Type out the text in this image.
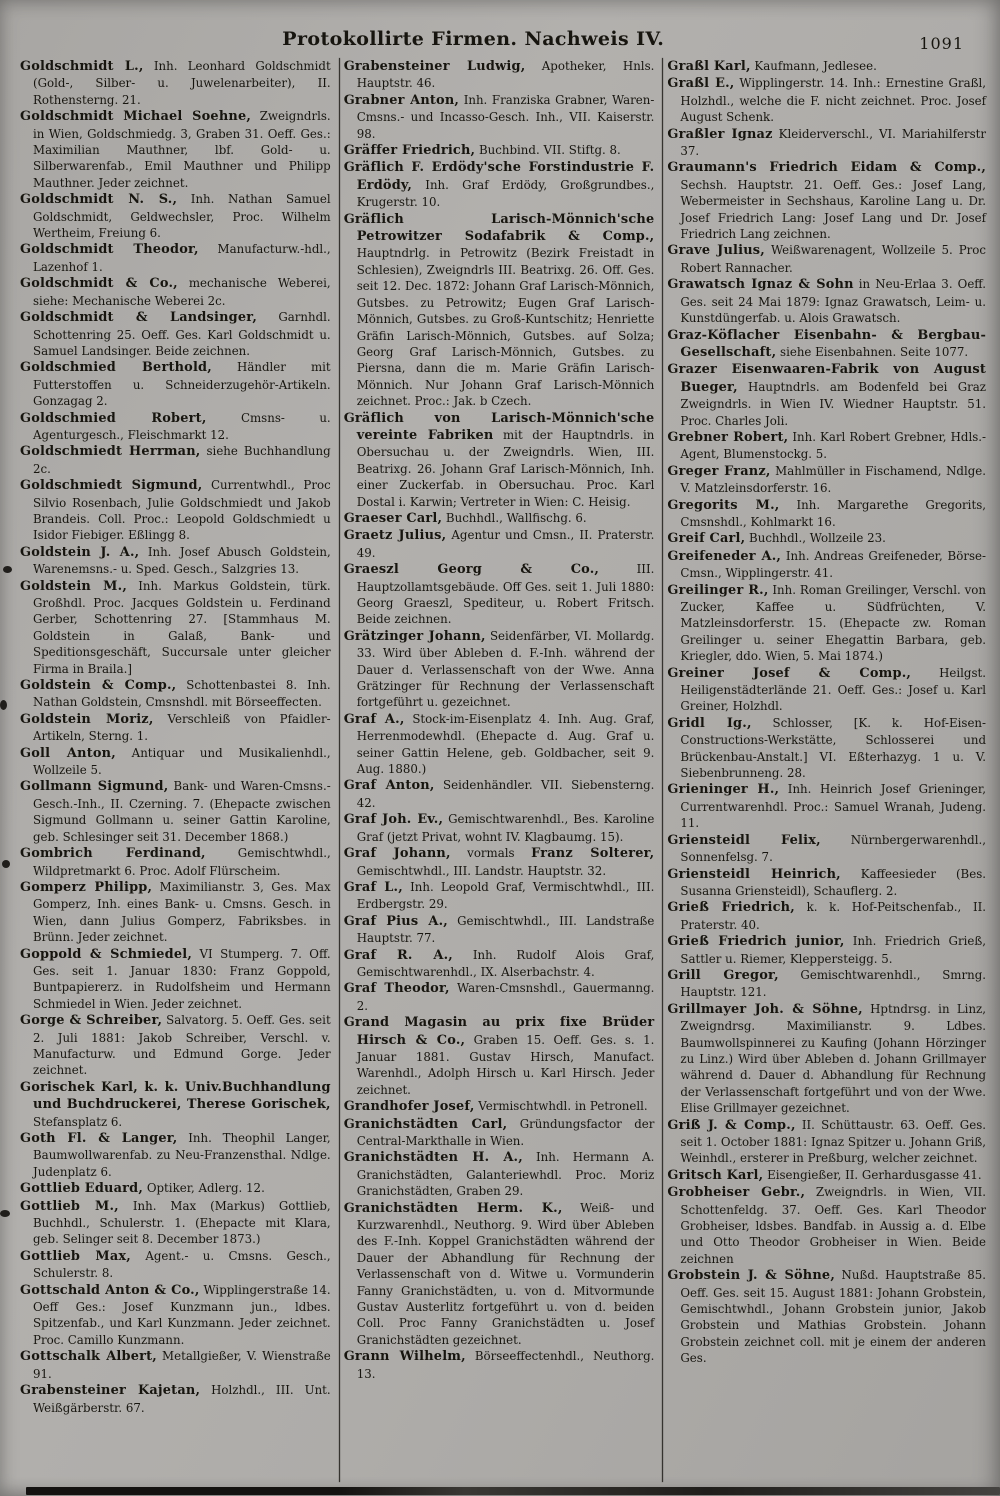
Protokollirte Firmen. Nachweis IV.	1091

Goldschmidt L., Inh. Leonhard Goldschmidt (Gold-, Silber- u. Juwelenarbeiter), II. Rothensterng. 21.

Goldschmidt Michael Soehne, Zweigndrls. in Wien, Goldschmiedg. 3, Graben 31. Oeff. Ges.: Maximilian Mauthner, lbf. Gold- u. Silberwarenfab., Emil Mauthner und Philipp Mauthner. Jeder zeichnet.

Goldschmidt N. S., Inh. Nathan Samuel Goldschmidt, Geldwechsler, Proc. Wilhelm Wertheim, Freiung 6.

Goldschmidt Theodor, Manufacturw.-hdl., Lazenhof 1.

Goldschmidt & Co., mechanische Weberei, siehe: Mechanische Weberei 2c.

Goldschmidt & Landsinger, Garnhdl. Schottenring 25. Oeff. Ges. Karl Goldschmidt u. Samuel Landsinger. Beide zeichnen.

Goldschmied Berthold, Händler mit Futterstoffen u. Schneiderzugehör-Artikeln. Gonzagag 2.

Goldschmied Robert, Cmsns- u. Agenturgesch., Fleischmarkt 12.

Goldschmiedt Herrman, siehe Buchhandlung 2c.

Goldschmiedt Sigmund, Currentwhdl., Proc Silvio Rosenbach, Julie Goldschmiedt und Jakob Brandeis. Coll. Proc.: Leopold Goldschmiedt u Isidor Fiebiger. Eßlingg 8.

Goldstein J. A., Inh. Josef Abusch Goldstein, Warenemsns.- u. Sped. Gesch., Salzgries 13.

Goldstein M., Inh. Markus Goldstein, türk. Großhdl. Proc. Jacques Goldstein u. Ferdinand Gerber, Schottenring 27. [Stammhaus M. Goldstein in Galaß, Bank- und Speditionsgeschäft, Succursale unter gleicher Firma in Braila.]

Goldstein & Comp., Schottenbastei 8. Inh. Nathan Goldstein, Cmsnshdl. mit Börseeffecten.

Goldstein Moriz, Verschleiß von Pfaidler-Artikeln, Sterng. 1.

Goll Anton, Antiquar und Musikalienhdl., Wollzeile 5.

Gollmann Sigmund, Bank- und Waren-Cmsns.-Gesch.-Inh., II. Czerning. 7. (Ehepacte zwischen Sigmund Gollmann u. seiner Gattin Karoline, geb. Schlesinger seit 31. December 1868.)

Gombrich Ferdinand, Gemischtwhdl., Wildpretmarkt 6. Proc. Adolf Flürscheim.

Gomperz Philipp, Maximilianstr. 3, Ges. Max Gomperz, Inh. eines Bank- u. Cmsns. Gesch. in Wien, dann Julius Gomperz, Fabriksbes. in Brünn. Jeder zeichnet.

• Goppold & Schmiedel, VI Stumperg. 7. Off. Ges. seit 1. Januar 1830: Franz Goppold, Buntpapiererz. in Rudolfsheim und Hermann Schmiedel in Wien. Jeder zeichnet.

Gorge & Schreiber, Salvatorg. 5. Oeff. Ges. seit 2. Juli 1881: Jakob Schreiber, Verschl. v. Manufacturw. und Edmund Gorge. Jeder zeichnet.

Gorischek Karl, k. k. Univ.Buchhandlung und Buchdruckerei, Therese Gorischek, Stefansplatz 6.

Goth Fl. & Langer, Inh. Theophil Langer, Baumwollwarenfab. zu Neu-Franzensthal. Ndlge. Judenplatz 6.

Gottlieb Eduard, Optiker, Adlerg. 12.

Gottlieb M., Inh. Max (Markus) Gottlieb, Buchhdl., Schulerstr. 1. (Ehepacte mit Klara, geb. Selinger seit 8. December 1873.)

Gottlieb Max, Agent.- u. Cmsns. Gesch., Schulerstr. 8.

Gottschald Anton & Co., Wipplingerstraße 14. Oeff Ges.: Josef Kunzmann jun., ldbes. Spitzenfab., und Karl Kunzmann. Jeder zeichnet. Proc. Camillo Kunzmann.

Gottschalk Albert, Metallgießer, V. Wienstraße 91.

Grabensteiner Kajetan, Holzhdl., III. Unt. Weißgärberstr. 67.

Grabensteiner Ludwig, Apotheker, Hnls. Hauptstr. 46.

Grabner Anton, Inh. Franziska Grabner, Waren-Cmsns.- und Incasso-Gesch. Inh., VII. Kaiserstr. 98.

Gräffer Friedrich, Buchbind. VII. Stiftg. 8.

Gräflich F. Erdödy'sche Forstindustrie F. Erdödy, Inh. Graf Erdödy, Großgrundbes., Krugerstr. 10.

Gräflich Larisch-Mönnich'sche Petrowitzer Sodafabrik & Comp., Hauptndrlg. in Petrowitz (Bezirk Freistadt in Schlesien), Zweigndrls III. Beatrixg. 26. Off. Ges. seit 12. Dec. 1872: Johann Graf Larisch-Mönnich, Gutsbes. zu Petrowitz; Eugen Graf Larisch-Mönnich, Gutsbes. zu Groß-Kuntschitz; Henriette Gräfin Larisch-Mönnich, Gutsbes. auf Solza; Georg Graf Larisch-Mönnich, Gutsbes. zu Piersna, dann die m. Marie Gräfin Larisch-Mönnich. Nur Johann Graf Larisch-Mönnich zeichnet. Proc.: Jak. b Czech.

Gräflich von Larisch-Mönnich'sche vereinte Fabriken mit der Hauptndrls. in Obersuchau u. der Zweigndrls. Wien, III. Beatrixg. 26. Johann Graf Larisch-Mönnich, Inh. einer Zuckerfab. in Obersuchau. Proc. Karl Dostal i. Karwin; Vertreter in Wien: C. Heisig.

Graeser Carl, Buchhdl., Wallfischg. 6.

Graetz Julius, Agentur und Cmsn., II. Praterstr. 49.

Graeszl Georg & Co., III. Hauptzollamtsgebäude. Off Ges. seit 1. Juli 1880: Georg Graeszl, Spediteur, u. Robert Fritsch. Beide zeichnen.

Grätzinger Johann, Seidenfärber, VI. Mollardg. 33. Wird über Ableben d. F.-Inh. während der Dauer d. Verlassenschaft von der Wwe. Anna Grätzinger für Rechnung der Verlassenschaft fortgeführt u. gezeichnet.

Graf A., Stock-im-Eisenplatz 4. Inh. Aug. Graf, Herrenmodewhdl. (Ehepacte d. Aug. Graf u. seiner Gattin Helene, geb. Goldbacher, seit 9. Aug. 1880.)

Graf Anton, Seidenhändler. VII. Siebensterng. 42.

Graf Joh. Ev., Gemischtwarenhdl., Bes. Karoline Graf (jetzt Privat, wohnt IV. Klagbaumg. 15).

Graf Johann, vormals Franz Solterer, Gemischtwhdl., III. Landstr. Hauptstr. 32.

Graf L., Inh. Leopold Graf, Vermischtwhdl., III. Erdbergstr. 29.

Graf Pius A., Gemischtwhdl., III. Landstraße Hauptstr. 77.

Graf R. A., Inh. Rudolf Alois Graf, Gemischtwarenhdl., IX. Alserbachstr. 4.

Graf Theodor, Waren-Cmsnshdl., Gauermanng. 2.

Grand Magasin au prix fixe Brüder Hirsch & Co., Graben 15. Oeff. Ges. s. 1. Januar 1881. Gustav Hirsch, Manufact. Warenhdl., Adolph Hirsch u. Karl Hirsch. Jeder zeichnet.

Grandhofer Josef, Vermischtwhdl. in Petronell.

Granichstädten Carl, Gründungsfactor der Central-Markthalle in Wien.

Granichstädten H. A., Inh. Hermann A. Granichstädten, Galanteriewhdl. Proc. Moriz Granichstädten, Graben 29.

Granichstädten Herm. K., Weiß- und Kurzwarenhdl., Neuthorg. 9. Wird über Ableben des F.-Inh. Koppel Granichstädten während der Dauer der Abhandlung für Rechnung der Verlassenschaft von d. Witwe u. Vormunderin Fanny Granichstädten, u. von d. Mitvormunde Gustav Austerlitz fortgeführt u. von d. beiden Coll. Proc Fanny Granichstädten u. Josef Granichstädten gezeichnet.

Grann Wilhelm, Börseeffectenhdl., Neuthorg. 13.

Graßl Karl, Kaufmann, Jedlesee.

Graßl E., Wipplingerstr. 14. Inh.: Ernestine Graßl, Holzhdl., welche die F. nicht zeichnet. Proc. Josef August Schenk.

Graßler Ignaz Kleiderverschl., VI. Mariahilferstr 37.

Graumann's Friedrich Eidam & Comp., Sechsh. Hauptstr. 21. Oeff. Ges.: Josef Lang, Webermeister in Sechshaus, Karoline Lang u. Dr. Josef Friedrich Lang: Josef Lang und Dr. Josef Friedrich Lang zeichnen.

Grave Julius, Weißwarenagent, Wollzeile 5. Proc Robert Rannacher.

Grawatsch Ignaz & Sohn in Neu-Erlaa 3. Oeff. Ges. seit 24 Mai 1879: Ignaz Grawatsch, Leim- u. Kunstdüngerfab. u. Alois Grawatsch.

Graz-Köflacher Eisenbahn- & Bergbau-Gesellschaft, siehe Eisenbahnen. Seite 1077.

Grazer Eisenwaaren-Fabrik von August Bueger, Hauptndrls. am Bodenfeld bei Graz Zweigndrls. in Wien IV. Wiedner Hauptstr. 51. Proc. Charles Joli.

Grebner Robert, Inh. Karl Robert Grebner, Hdls.-Agent, Blumenstockg. 5.

Greger Franz, Mahlmüller in Fischamend, Ndlge. V. Matzleinsdorferstr. 16.

Gregorits M., Inh. Margarethe Gregorits, Cmsnshdl., Kohlmarkt 16.

Greif Carl, Buchhdl., Wollzeile 23.

Greifeneder A., Inh. Andreas Greifeneder, Börse-Cmsn., Wipplingerstr. 41.

Greilinger R., Inh. Roman Greilinger, Verschl. von Zucker, Kaffee u. Südfrüchten, V. Matzleinsdorferstr. 15. (Ehepacte zw. Roman Greilinger u. seiner Ehegattin Barbara, geb. Kriegler, ddo. Wien, 5. Mai 1874.)

Greiner Josef & Comp., Heilgst. Heiligenstädterlände 21. Oeff. Ges.: Josef u. Karl Greiner, Holzhdl.

Gridl Ig., Schlosser, [K. k. Hof-Eisen-Constructions-Werkstätte, Schlosserei und Brückenbau-Anstalt.] VI. Eßterhazyg. 1 u. V. Siebenbrunneng. 28.

Grieninger H., Inh. Heinrich Josef Grieninger, Currentwarenhdl. Proc.: Samuel Wranah, Judeng. 11.

Griensteidl Felix, Nürnbergerwarenhdl., Sonnenfelsg. 7.

Griensteidl Heinrich, Kaffeesieder (Bes. Susanna Griensteidl), Schauflerg. 2.

Grieß Friedrich, k. k. Hof-Peitschenfab., II. Praterstr. 40.

Grieß Friedrich junior, Inh. Friedrich Grieß, Sattler u. Riemer, Kleppersteigg. 5.

Grill Gregor, Gemischtwarenhdl., Smrng. Hauptstr. 121.

Grillmayer Joh. & Söhne, Hptndrsg. in Linz, Zweigndrsg. Maximilianstr. 9. Ldbes. Baumwollspinnerei zu Kaufing (Johann Hörzinger zu Linz.) Wird über Ableben d. Johann Grillmayer während d. Dauer d. Abhandlung für Rechnung der Verlassenschaft fortgeführt und von der Wwe. Elise Grillmayer gezeichnet.

Griß J. & Comp., II. Schüttaustr. 63. Oeff. Ges. seit 1. October 1881: Ignaz Spitzer u. Johann Griß, Weinhdl., ersterer in Preßburg, welcher zeichnet.

Gritsch Karl, Eisengießer, II. Gerhardusgasse 41.

Grobheiser Gebr., Zweigndrls. in Wien, VII. Schottenfeldg. 37. Oeff. Ges. Karl Theodor Grobheiser, ldsbes. Bandfab. in Aussig a. d. Elbe und Otto Theodor Grobheiser in Wien. Beide zeichnen

Grobstein J. & Söhne, Nußd. Hauptstraße 85. Oeff. Ges. seit 15. August 1881: Johann Grobstein, Gemischtwhdl., Johann Grobstein junior, Jakob Grobstein und Mathias Grobstein. Johann Grobstein zeichnet coll. mit je einem der anderen Ges.
